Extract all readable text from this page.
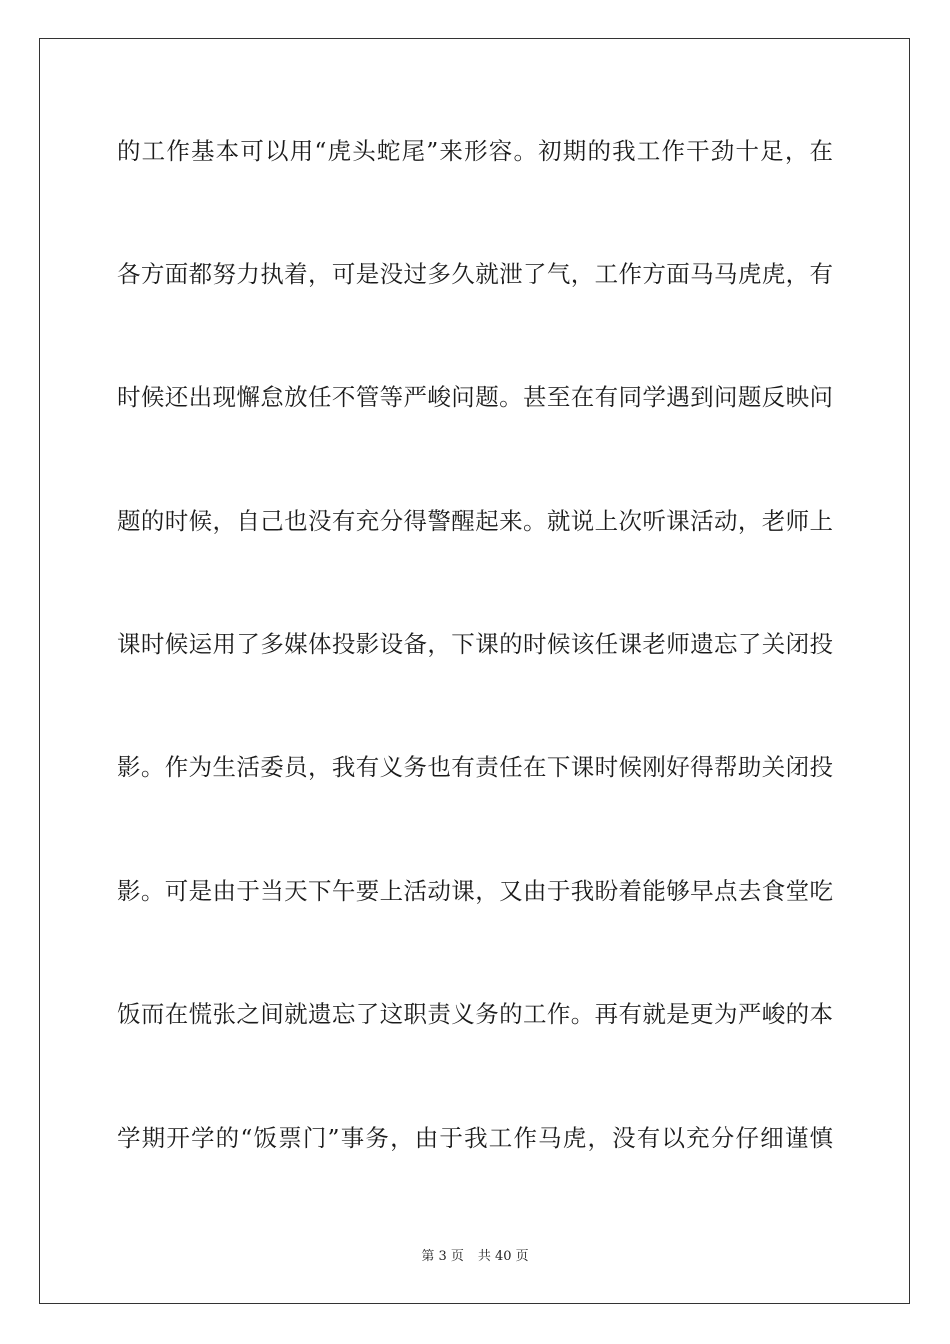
的工作基本可以用“虎头蛇尾”来形容。初期的我工作干劲十足，在
各方面都努力执着，可是没过多久就泄了气，工作方面马马虎虎，有
时候还出现懈怠放任不管等严峻问题。甚至在有同学遇到问题反映问
题的时候，自己也没有充分得警醒起来。就说上次听课活动，老师上
课时候运用了多媒体投影设备，下课的时候该任课老师遗忘了关闭投
影。作为生活委员，我有义务也有责任在下课时候刚好得帮助关闭投
影。可是由于当天下午要上活动课，又由于我盼着能够早点去食堂吃
饭而在慌张之间就遗忘了这职责义务的工作。再有就是更为严峻的本
学期开学的“饭票门”事务，由于我工作马虎，没有以充分仔细谨慎
第 3 页 共 40 页
